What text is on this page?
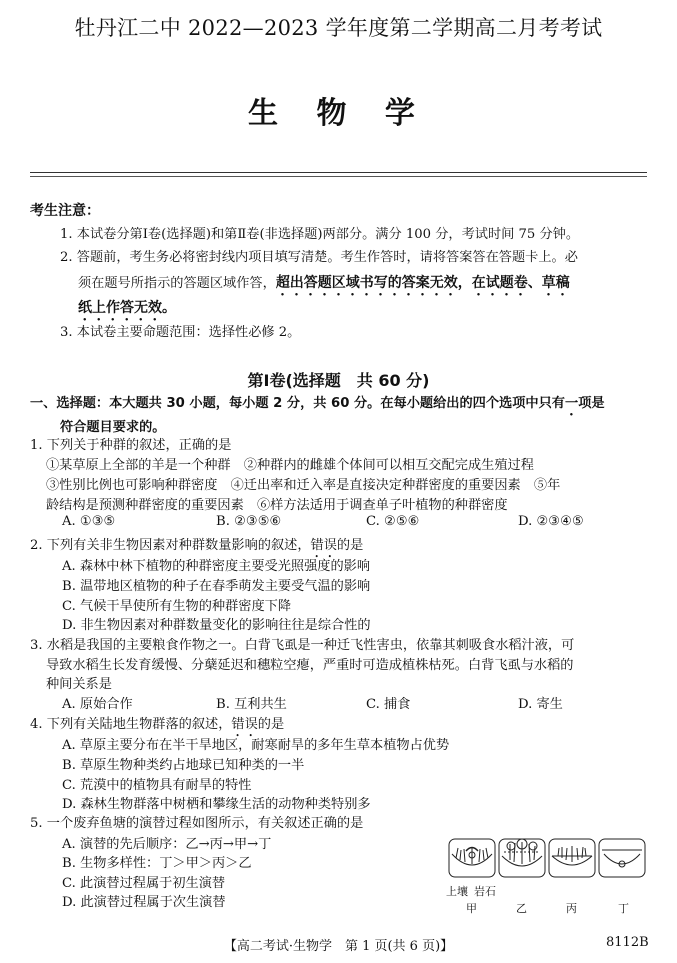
牡丹江二中 2022—2023 学年度第二学期高二月考考试
生 物 学
考生注意：
1. 本试卷分第Ⅰ卷(选择题)和第Ⅱ卷(非选择题)两部分。满分 100 分，考试时间 75 分钟。
2. 答题前，考生务必将密封线内项目填写清楚。考生作答时，请将答案答在答题卡上。必
须在题号所指示的答题区域作答，超出答题区域书写的答案无效，在试题卷、草稿
纸上作答无效。
3. 本试卷主要命题范围：选择性必修 2。
第Ⅰ卷(选择题　共 60 分)
一、选择题：本大题共 30 小题，每小题 2 分，共 60 分。在每小题给出的四个选项中只有一项是
符合题目要求的。
1. 下列关于种群的叙述，正确的是
①某草原上全部的羊是一个种群　②种群内的雌雄个体间可以相互交配完成生殖过程
③性别比例也可影响种群密度　④迁出率和迁入率是直接决定种群密度的重要因素　⑤年
龄结构是预测种群密度的重要因素　⑥样方法适用于调查单子叶植物的种群密度
A. ①③⑤	B. ②③⑤⑥	C. ②⑤⑥	D. ②③④⑤
2. 下列有关非生物因素对种群数量影响的叙述，错误的是
A. 森林中林下植物的种群密度主要受光照强度的影响
B. 温带地区植物的种子在春季萌发主要受气温的影响
C. 气候干旱使所有生物的种群密度下降
D. 非生物因素对种群数量变化的影响往往是综合性的
3. 水稻是我国的主要粮食作物之一。白背飞虱是一种迁飞性害虫，依靠其刺吸食水稻汁液，可
导致水稻生长发育缓慢、分蘖延迟和穗粒空瘪，严重时可造成植株枯死。白背飞虱与水稻的
种间关系是
A. 原始合作	B. 互利共生	C. 捕食	D. 寄生
4. 下列有关陆地生物群落的叙述，错误的是
A. 草原主要分布在半干旱地区，耐寒耐旱的多年生草本植物占优势
B. 草原生物种类约占地球已知种类的一半
C. 荒漠中的植物具有耐旱的特性
D. 森林生物群落中树栖和攀缘生活的动物种类特别多
5. 一个废弃鱼塘的演替过程如图所示，有关叙述正确的是
A. 演替的先后顺序：乙→丙→甲→丁
B. 生物多样性：丁＞甲＞丙＞乙
C. 此演替过程属于初生演替
D. 此演替过程属于次生演替
上壤 岩石
甲	乙	丙	丁
【高二考试·生物学　第 1 页(共 6 页)】	8112B
